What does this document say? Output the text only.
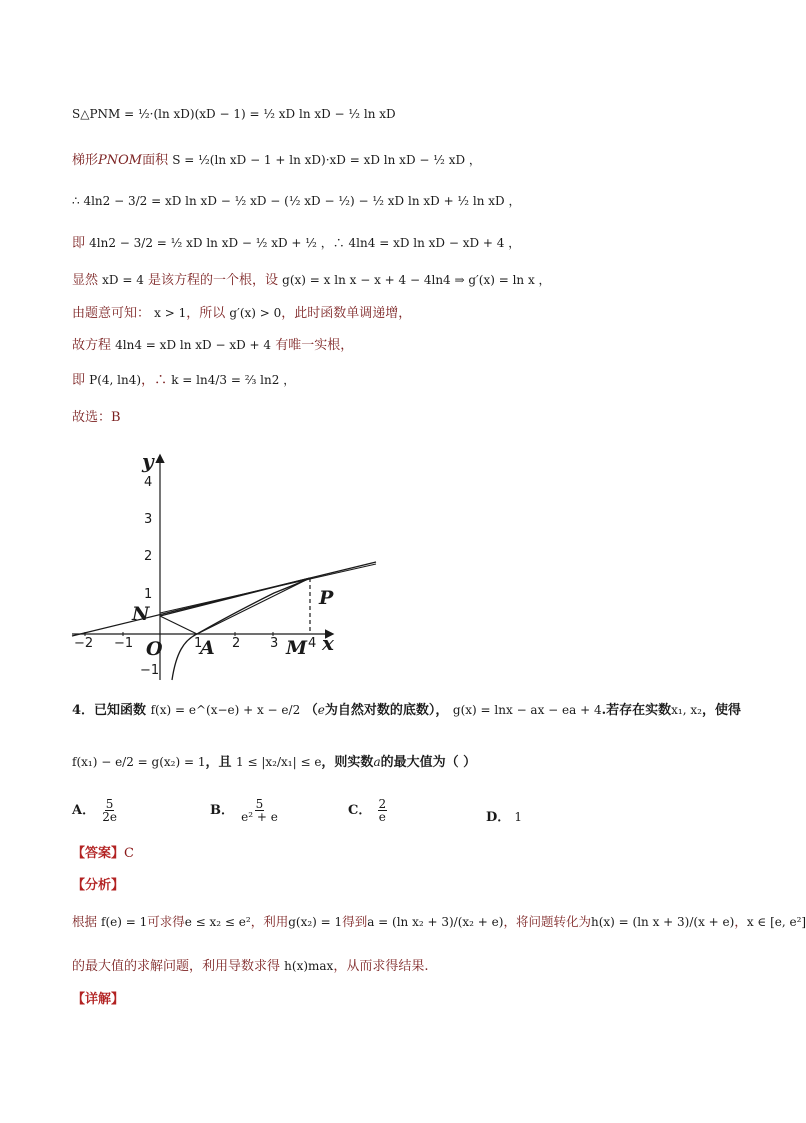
S△PNM = ½·(ln xD)(xD − 1) = ½ xD ln xD − ½ ln xD
梯形PNOM面积 S = ½(ln xD − 1 + ln xD)·xD = xD ln xD − ½ xD ，
∴ 4ln2 − 3/2 = xD ln xD − ½ xD − (½ xD − ½) − ½ xD ln xD + ½ ln xD ，
即 4ln2 − 3/2 = ½ xD ln xD − ½ xD + ½ ，∴ 4ln4 = xD ln xD − xD + 4 ，
显然 xD = 4 是该方程的一个根，设 g(x) = x ln x − x + 4 − 4ln4 ⇒ g′(x) = ln x ，
由题意可知： x > 1，所以 g′(x) > 0，此时函数单调递增，
故方程 4ln4 = xD ln xD − xD + 4 有唯一实根，
即 P(4, ln4)，∴ k = ln4/3 = ⅔ ln2 ，
故选：B
y
x
4
3
2
1
−1
−2 −1	1 2 3 4
N
O A	M
P
4．已知函数 f(x) = e^(x−e) + x − e/2 （e为自然对数的底数）， g(x) = lnx − ax − ea + 4.若存在实数x₁, x₂，使得
f(x₁) − e/2 = g(x₂) = 1，且 1 ≤ |x₂/x₁| ≤ e，则实数a的最大值为（ ）
A． $\frac{5}{2e}$	B． $\frac{5}{\text{e² + e}}$	C． $\frac{2}{e}$	D． 1
【答案】C
【分析】
根据 f(e) = 1可求得e ≤ x₂ ≤ e²，利用g(x₂) = 1得到a = (ln x₂ + 3)/(x₂ + e)，将问题转化为h(x) = (ln x + 3)/(x + e)，x ∈ [e, e²]
的最大值的求解问题，利用导数求得 h(x)max，从而求得结果.
【详解】
